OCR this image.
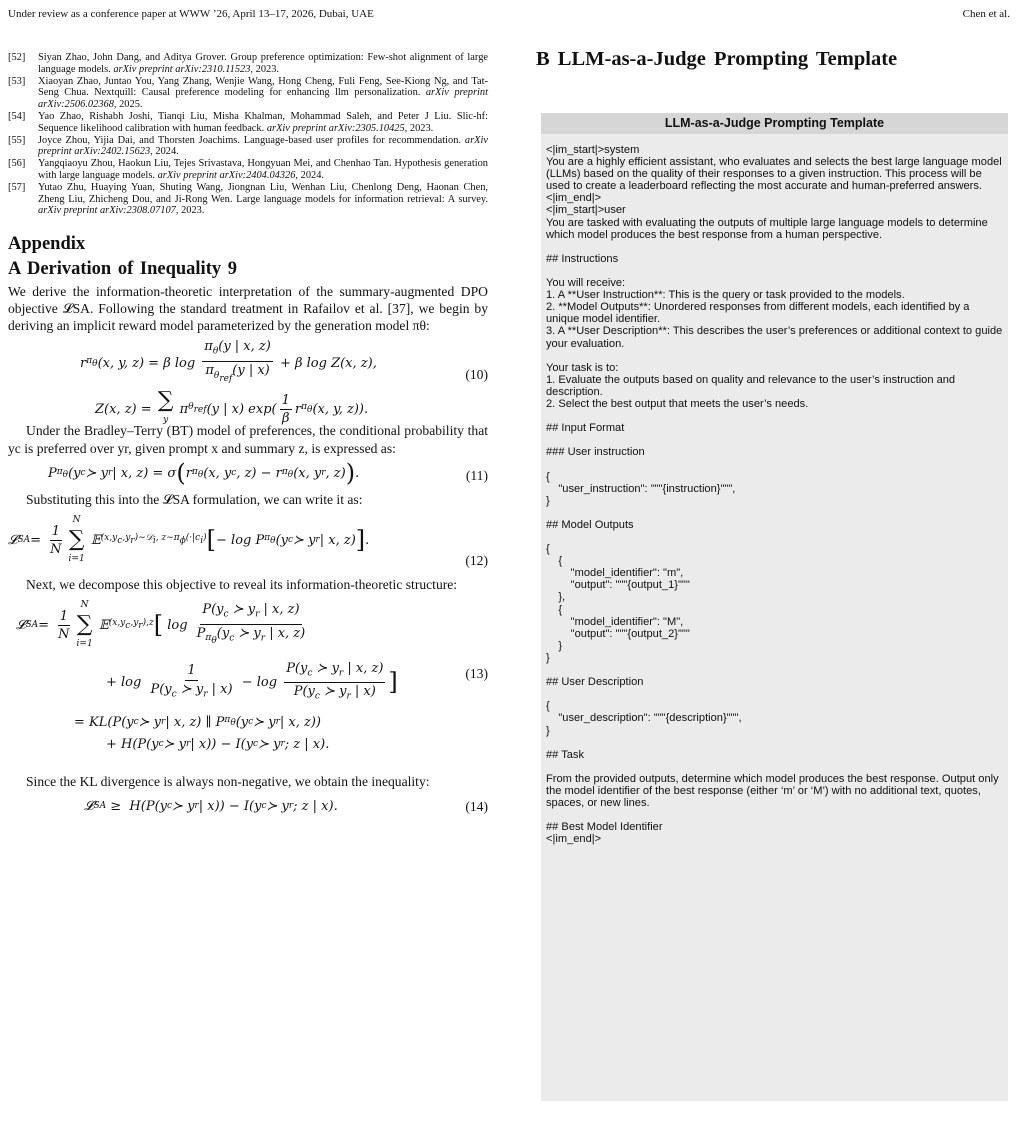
Under review as a conference paper at WWW ’26, April 13–17, 2026, Dubai, UAE	Chen et al.
[52]	Siyan Zhao, John Dang, and Aditya Grover. Group preference optimization: Few-shot alignment of large language models. arXiv preprint arXiv:2310.11523, 2023.
[53]	Xiaoyan Zhao, Juntao You, Yang Zhang, Wenjie Wang, Hong Cheng, Fuli Feng, See-Kiong Ng, and Tat-Seng Chua. Nextquill: Causal preference modeling for enhancing llm personalization. arXiv preprint arXiv:2506.02368, 2025.
[54]	Yao Zhao, Rishabh Joshi, Tianqi Liu, Misha Khalman, Mohammad Saleh, and Peter J Liu. Slic-hf: Sequence likelihood calibration with human feedback. arXiv preprint arXiv:2305.10425, 2023.
[55]	Joyce Zhou, Yijia Dai, and Thorsten Joachims. Language-based user profiles for recommendation. arXiv preprint arXiv:2402.15623, 2024.
[56]	Yangqiaoyu Zhou, Haokun Liu, Tejes Srivastava, Hongyuan Mei, and Chenhao Tan. Hypothesis generation with large language models. arXiv preprint arXiv:2404.04326, 2024.
[57]	Yutao Zhu, Huaying Yuan, Shuting Wang, Jiongnan Liu, Wenhan Liu, Chenlong Deng, Haonan Chen, Zheng Liu, Zhicheng Dou, and Ji-Rong Wen. Large language models for information retrieval: A survey. arXiv preprint arXiv:2308.07107, 2023.
Appendix
A Derivation of Inequality 9

We derive the information-theoretic interpretation of the summary-augmented DPO objective 𝓛SA. Following the standard treatment in Rafailov et al. [37], we begin by deriving an implicit reward model parameterized by the generation model πθ:

r $\pi_\theta$ (x, y, z) = β $\log \frac{\pi_\theta(y | x, z)}{\pi_{\theta_{ref}}(y | x)} + \beta$ log Z(x, z),
Z(x, z) = ∑
y
π $\theta_{ref}$ (y | x) $\exp( \frac{1}{\beta}$ r $\pi_\theta$ (x, y, z)).
(10)

Under the Bradley–Terry (BT) model of preferences, the conditional probability that yc is preferred over yr, given prompt x and summary z, is expressed as:

P $\pi_\theta$ (y c ≻ y r | x, z) = σ ( r $\pi_\theta$ (x, y c , z) − r $\pi_\theta$ (x, y r , z) ) .	(11)

Substituting this into the 𝓛SA formulation, we can write it as:

𝓛 SA = $\frac{1}{N}$
N
∑
i=1
𝔼 $(x,y_c,y_r)\sim 𝒟_i$, $z\sim\pi_\phi(\cdot|c_i)$ [ − log P $\pi_\theta$ (y c ≻ y r | x, z) ] .
(12)

Next, we decompose this objective to reveal its information-theoretic structure:

𝓛 SA = $\frac{1}{N}$
N
∑
i=1
𝔼 $(x,y_c,y_r),z$ [ $\log \frac{P(y_c ≻ y_r | x, z)}{P_{\pi_\theta}(y_c ≻ y_r | x, z)}$
+ $\log \frac{1}{P(y_c ≻ y_r | x)} - \log \frac{P(y_c ≻ y_r | x, z)}{P(y_c ≻ y_r | x)}$ ]
= KL(P(y c ≻ y r | x, z) ∥ P $\pi_\theta$ (y c ≻ y r | x, z))
+ H(P(y c ≻ y r | x)) − I(y c ≻ y r ; z | x).
(13)

Since the KL divergence is always non-negative, we obtain the inequality:

𝓛 SA ≥  H(P(y c ≻ y r | x)) − I(y c ≻ y r ; z | x).	(14)
B LLM-as-a-Judge Prompting Template
LLM-as-a-Judge Prompting Template
<|im_start|>system
You are a highly efficient assistant, who evaluates and selects the best large language model (LLMs) based on the quality of their responses to a given instruction. This process will be used to create a leaderboard reflecting the most accurate and human-preferred answers.
<|im_end|>
<|im_start|>user
You are tasked with evaluating the outputs of multiple large language models to determine which model produces the best response from a human perspective.

## Instructions

You will receive:
1. A **User Instruction**: This is the query or task provided to the models.
2. **Model Outputs**: Unordered responses from different models, each identified by a unique model identifier.
3. A **User Description**: This describes the user’s preferences or additional context to guide your evaluation.

Your task is to:
1. Evaluate the outputs based on quality and relevance to the user’s instruction and description.
2. Select the best output that meets the user’s needs.

## Input Format

### User instruction

{
"user_instruction": """{instruction}""",
}

## Model Outputs

{
{
"model_identifier": "m",
"output": """{output_1}"""
},
{
"model_identifier": "M",
"output": """{output_2}"""
}
}

## User Description

{
"user_description": """{description}""",
}

## Task

From the provided outputs, determine which model produces the best response. Output only the model identifier of the best response (either ‘m’ or ‘M’) with no additional text, quotes, spaces, or new lines.

## Best Model Identifier
<|im_end|>
